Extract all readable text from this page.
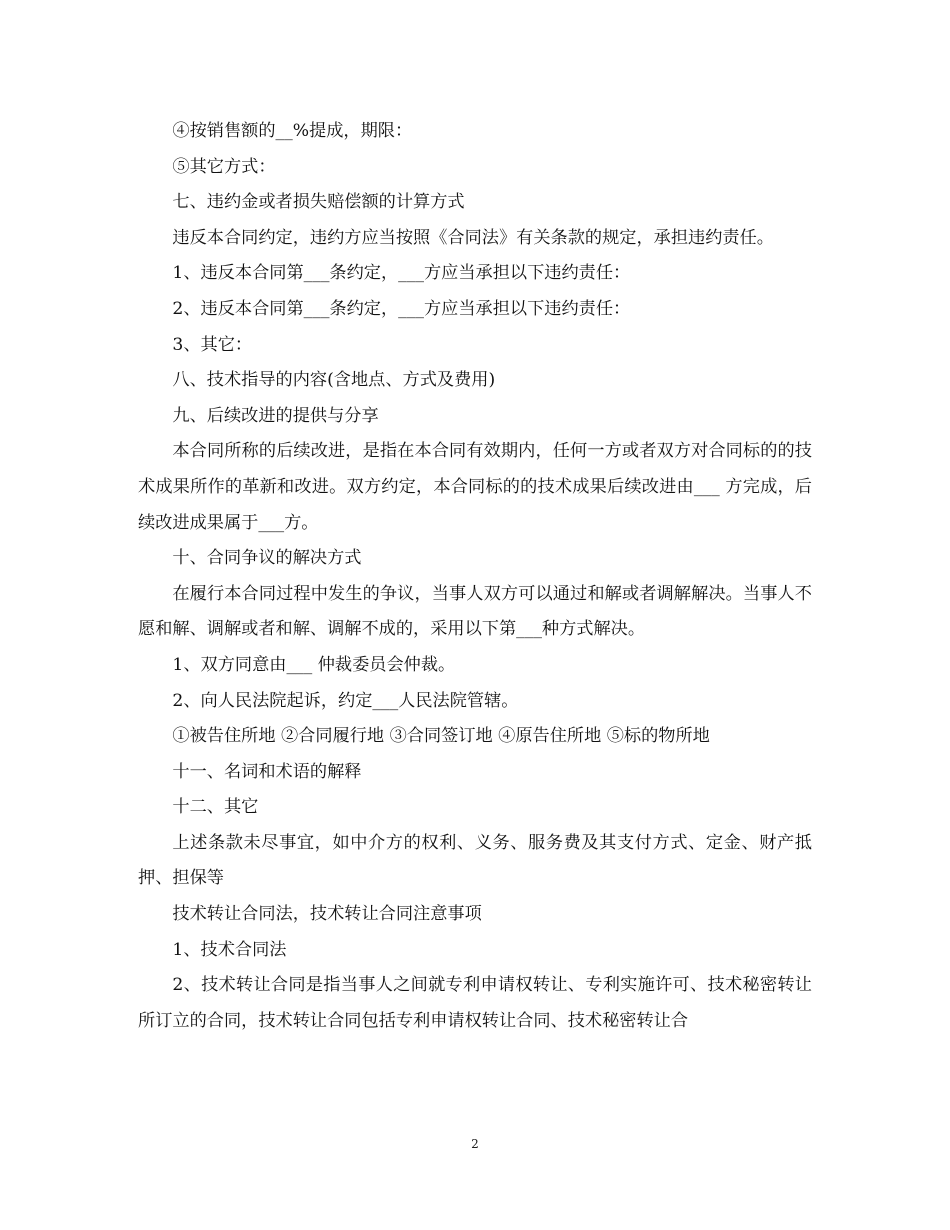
④按销售额的__%提成，期限：

⑤其它方式：

七、违约金或者损失赔偿额的计算方式

违反本合同约定，违约方应当按照《合同法》有关条款的规定，承担违约责任。

1、违反本合同第___条约定，___方应当承担以下违约责任：

2、违反本合同第___条约定，___方应当承担以下违约责任：

3、其它：

八、技术指导的内容(含地点、方式及费用)

九、后续改进的提供与分享

本合同所称的后续改进，是指在本合同有效期内，任何一方或者双方对合同标的的技术成果所作的革新和改进。双方约定，本合同标的的技术成果后续改进由___ 方完成，后续改进成果属于___方。

十、合同争议的解决方式

在履行本合同过程中发生的争议，当事人双方可以通过和解或者调解解决。当事人不愿和解、调解或者和解、调解不成的，采用以下第___种方式解决。

1、双方同意由___ 仲裁委员会仲裁。

2、向人民法院起诉，约定___人民法院管辖。

①被告住所地 ②合同履行地 ③合同签订地 ④原告住所地 ⑤标的物所地

十一、名词和术语的解释

十二、其它

上述条款未尽事宜，如中介方的权利、义务、服务费及其支付方式、定金、财产抵押、担保等

技术转让合同法，技术转让合同注意事项

1、技术合同法

2、技术转让合同是指当事人之间就专利申请权转让、专利实施许可、技术秘密转让所订立的合同，技术转让合同包括专利申请权转让合同、技术秘密转让合

2
